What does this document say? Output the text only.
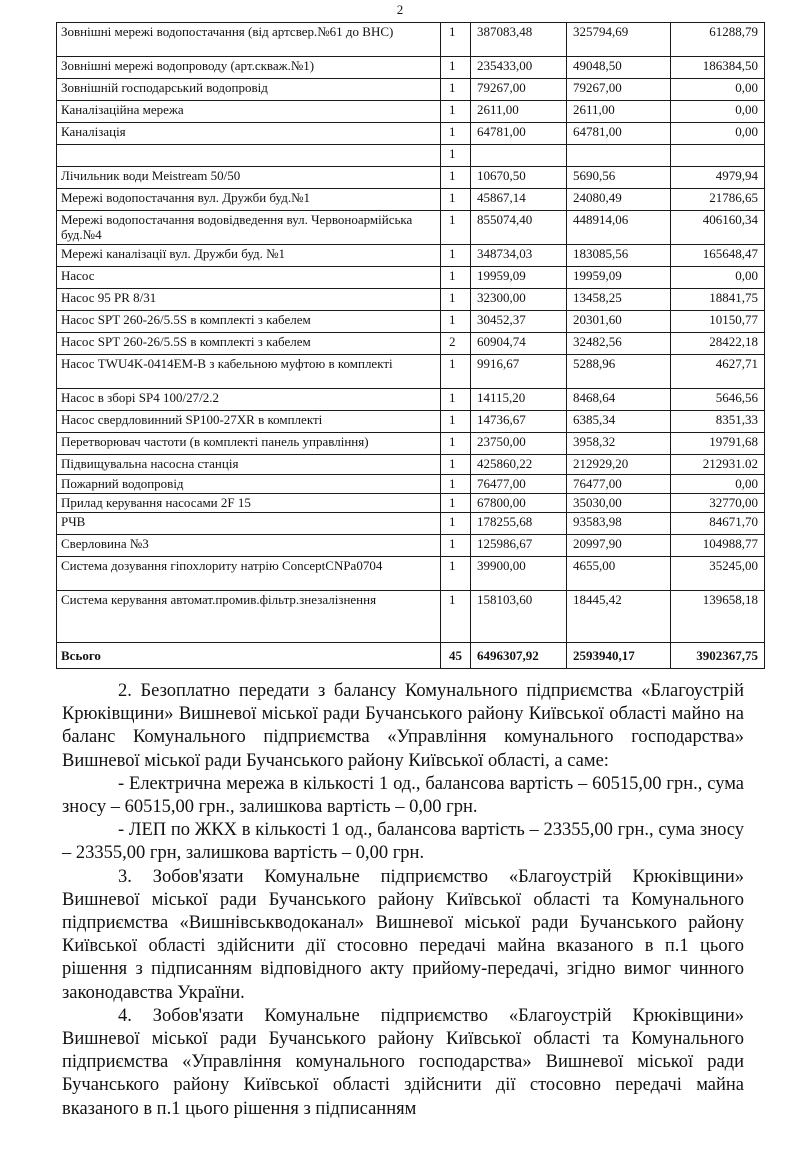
2
Зовнішні мережі водопостачання (від артсвер.№61 до ВНС)	1	387083,48	325794,69	61288,79
Зовнішні мережі водопроводу (арт.скваж.№1)	1	235433,00	49048,50	186384,50
Зовнішній господарський водопровід	1	79267,00	79267,00	0,00
Каналізаційна мережа	1	2611,00	2611,00	0,00
Каналізація	1	64781,00	64781,00	0,00
	1			
Лічильник води Meistream 50/50	1	10670,50	5690,56	4979,94
Мережі водопостачання вул. Дружби буд.№1	1	45867,14	24080,49	21786,65
Мережі водопостачання водовідведення вул. Червоноармійська буд.№4	1	855074,40	448914,06	406160,34
Мережі каналізації вул. Дружби буд. №1	1	348734,03	183085,56	165648,47
Насос	1	19959,09	19959,09	0,00
Насос 95 PR 8/31	1	32300,00	13458,25	18841,75
Насос SPT 260-26/5.5S в комплекті з кабелем	1	30452,37	20301,60	10150,77
Насос SPT 260-26/5.5S в комплекті з кабелем	2	60904,74	32482,56	28422,18
Насос TWU4K-0414EM-B з кабельною муфтою в комплекті	1	9916,67	5288,96	4627,71
Насос в зборі SP4 100/27/2.2	1	14115,20	8468,64	5646,56
Насос свердловинний SP100-27XR в комплекті	1	14736,67	6385,34	8351,33
Перетворювач частоти (в комплекті панель управління)	1	23750,00	3958,32	19791,68
Підвищувальна насосна станція	1	425860,22	212929,20	212931.02
Пожарний водопровід	1	76477,00	76477,00	0,00
Прилад керування насосами 2F 15	1	67800,00	35030,00	32770,00
РЧВ	1	178255,68	93583,98	84671,70
Сверловина №3	1	125986,67	20997,90	104988,77
Система дозування гіпохлориту натрію ConceptCNPa0704	1	39900,00	4655,00	35245,00
Система керування автомат.промив.фільтр.знезалізнення	1	158103,60	18445,42	139658,18
Всього	45	6496307,92	2593940,17	3902367,75

2. Безоплатно передати з балансу Комунального підприємства «Благоустрій Крюківщини» Вишневої міської ради Бучанського району Київської області майно на баланс Комунального підприємства «Управління комунального господарства» Вишневої міської ради Бучанського району Київської області, а саме:

- Електрична мережа в кількості 1 од., балансова вартість – 60515,00 грн., сума зносу – 60515,00 грн., залишкова вартість – 0,00 грн.

- ЛЕП по ЖКХ в кількості 1 од., балансова вартість – 23355,00 грн., сума зносу – 23355,00 грн, залишкова вартість – 0,00 грн.

3. Зобов'язати Комунальне підприємство «Благоустрій Крюківщини» Вишневої міської ради Бучанського району Київської області та Комунального підприємства «Вишнівськводоканал» Вишневої міської ради Бучанського району Київської області здійснити дії стосовно передачі майна вказаного в п.1 цього рішення з підписанням відповідного акту прийому-передачі, згідно вимог чинного законодавства України.

4. Зобов'язати Комунальне підприємство «Благоустрій Крюківщини» Вишневої міської ради Бучанського району Київської області та Комунального підприємства «Управління комунального господарства» Вишневої міської ради Бучанського району Київської області здійснити дії стосовно передачі майна вказаного в п.1 цього рішення з підписанням
